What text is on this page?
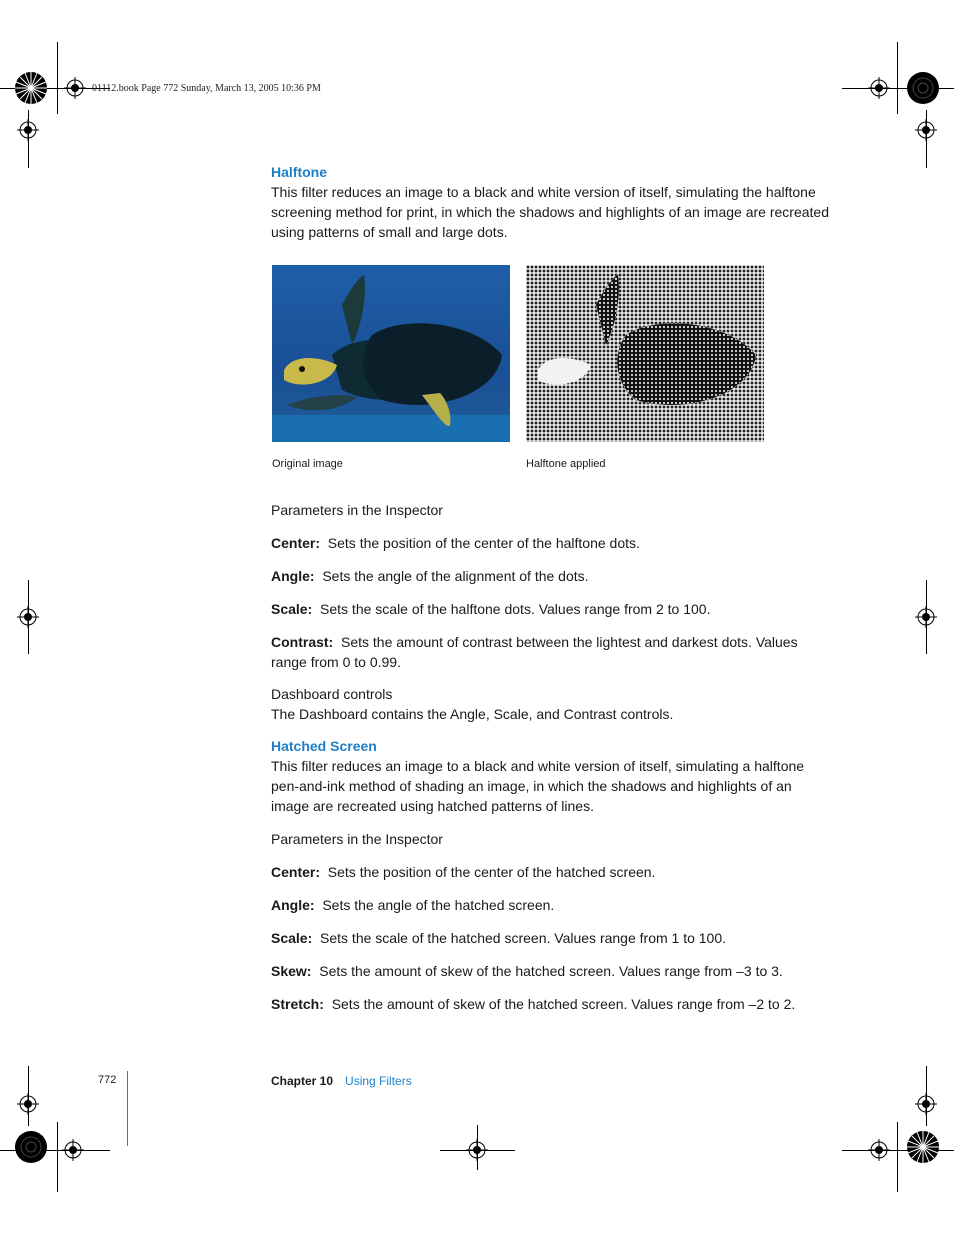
01112.book Page 772 Sunday, March 13, 2005 10:36 PM
Halftone

This filter reduces an image to a black and white version of itself, simulating the halftone screening method for print, in which the shadows and highlights of an image are recreated using patterns of small and large dots.

Original image	Halftone applied

Parameters in the Inspector

Center: Sets the position of the center of the halftone dots.

Angle: Sets the angle of the alignment of the dots.

Scale: Sets the scale of the halftone dots. Values range from 2 to 100.

Contrast: Sets the amount of contrast between the lightest and darkest dots. Values range from 0 to 0.99.

Dashboard controls

The Dashboard contains the Angle, Scale, and Contrast controls.

Hatched Screen

This filter reduces an image to a black and white version of itself, simulating a halftone pen-and-ink method of shading an image, in which the shadows and highlights of an image are recreated using hatched patterns of lines.

Parameters in the Inspector

Center: Sets the position of the center of the hatched screen.

Angle: Sets the angle of the hatched screen.

Scale: Sets the scale of the hatched screen. Values range from 1 to 100.

Skew: Sets the amount of skew of the hatched screen. Values range from –3 to 3.

Stretch: Sets the amount of skew of the hatched screen. Values range from –2 to 2.

772	Chapter 10 Using Filters
